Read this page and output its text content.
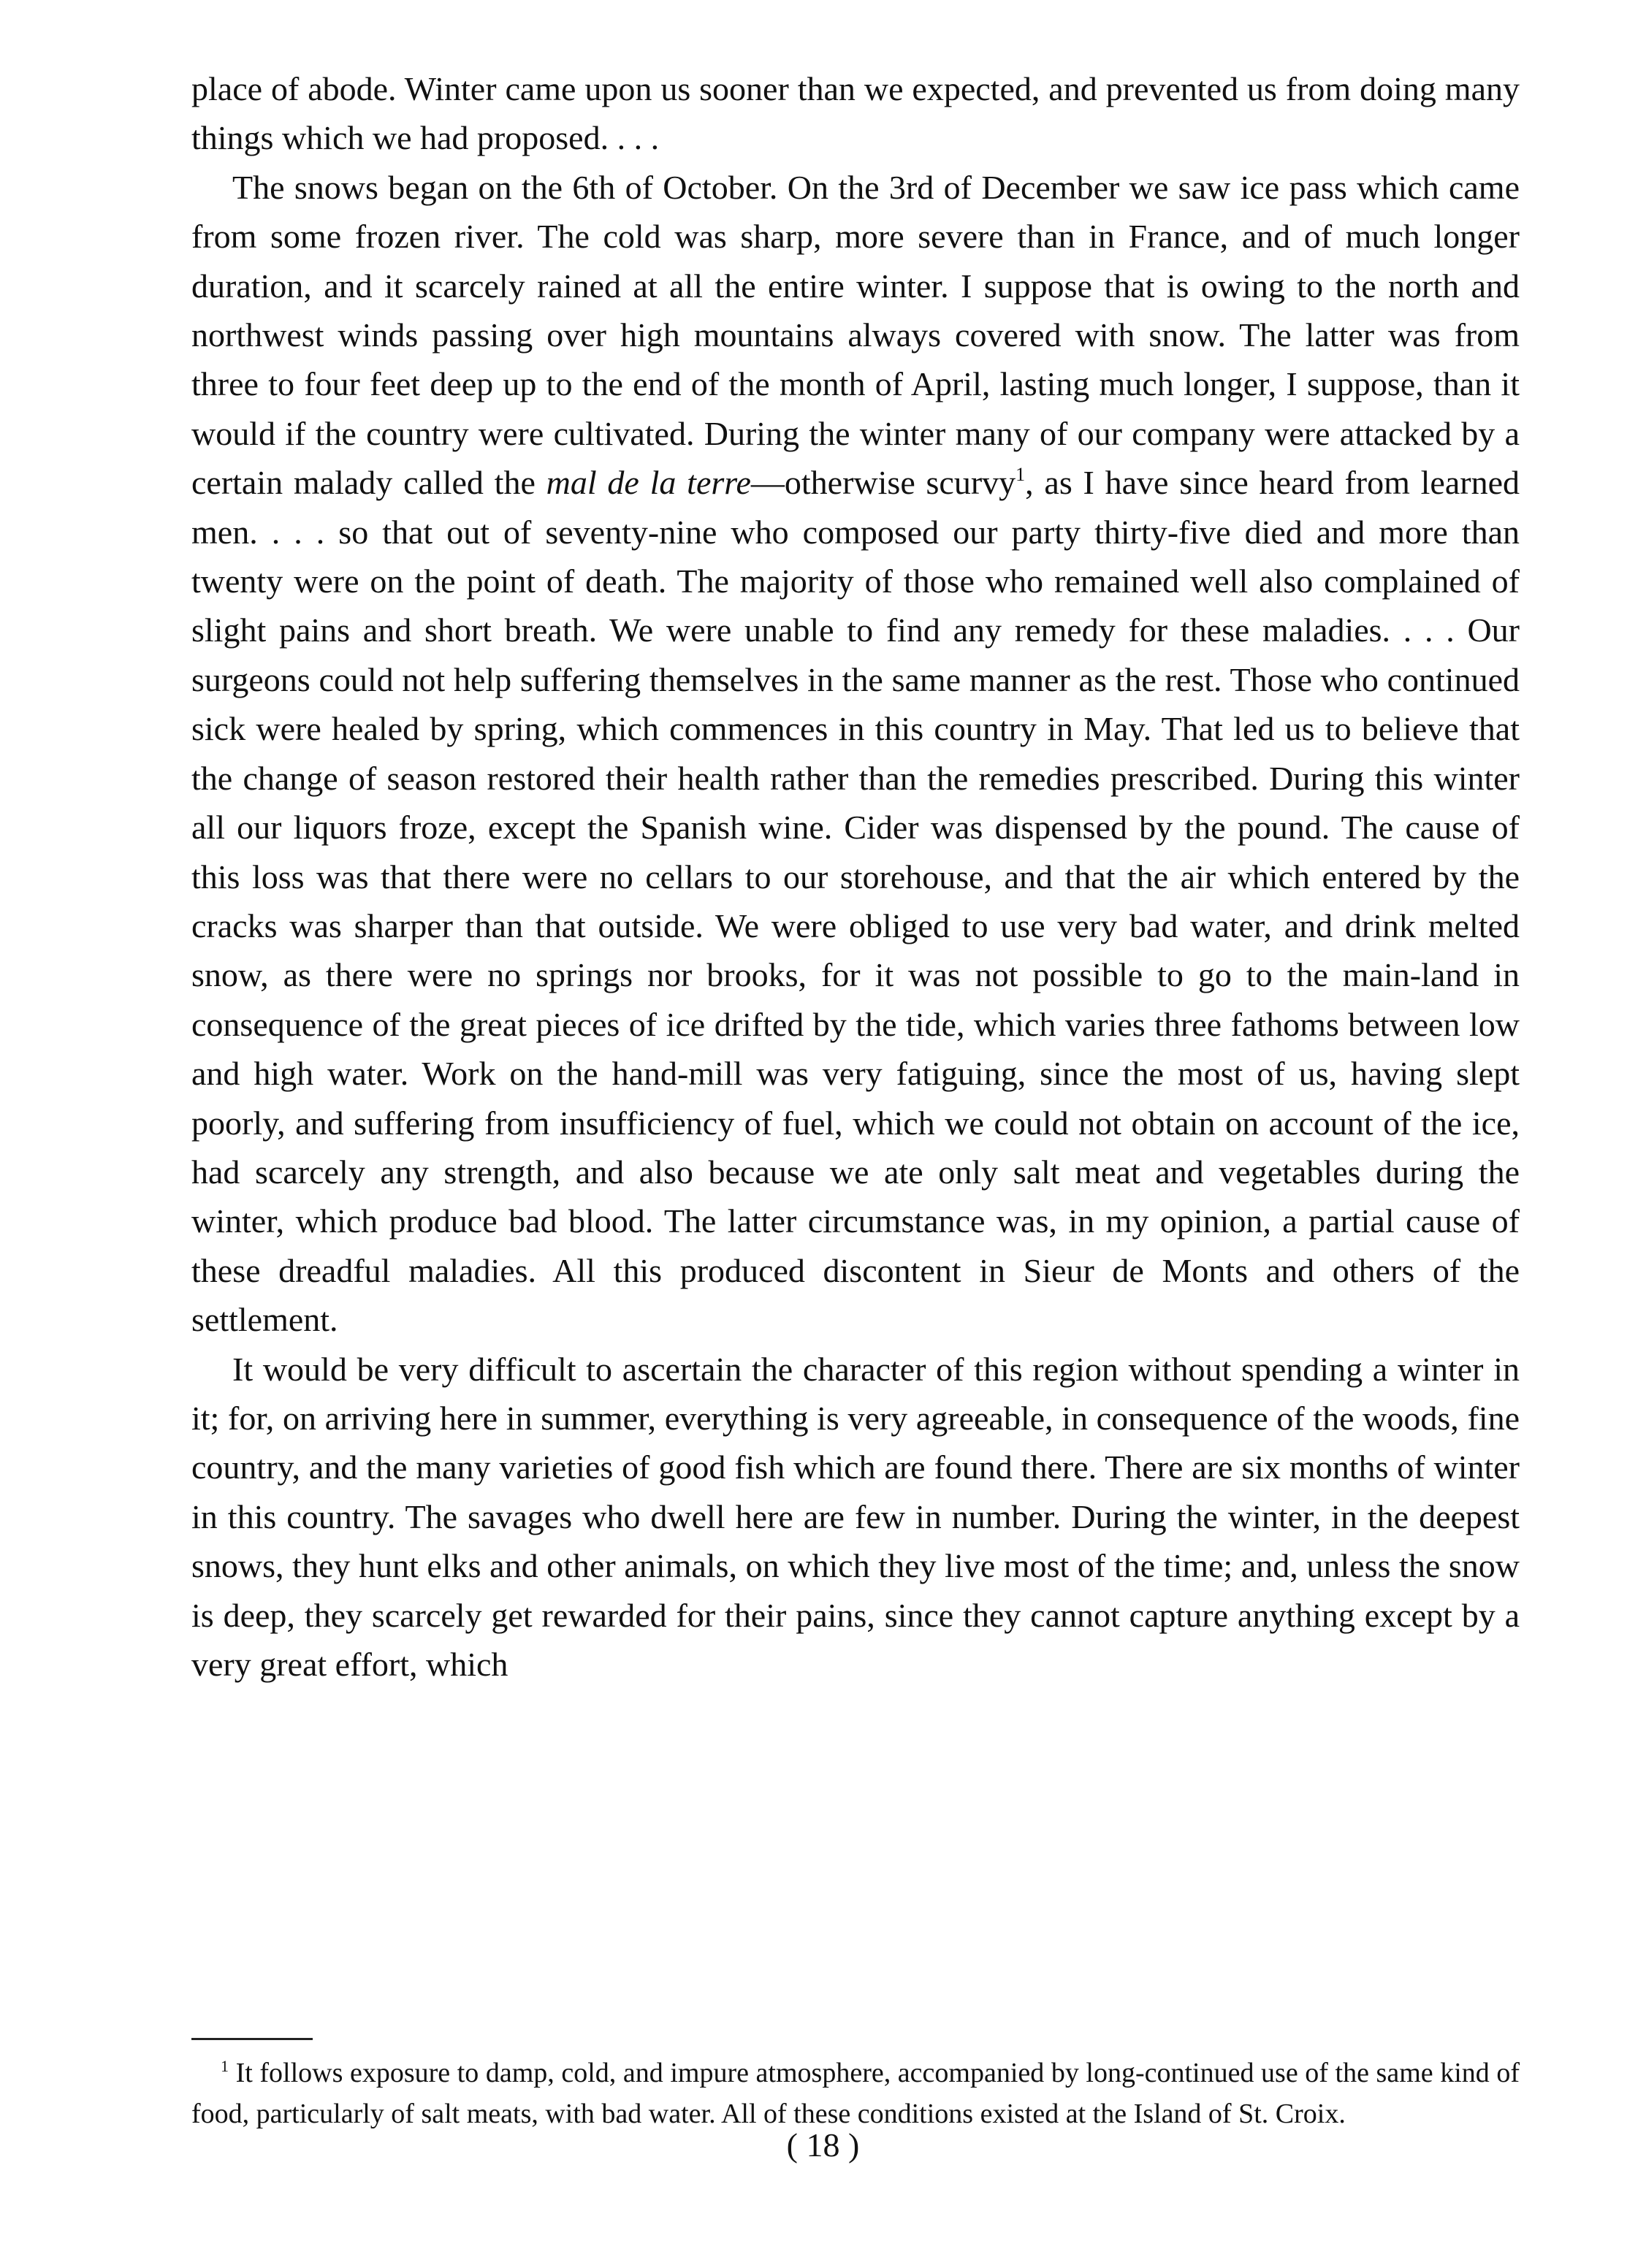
place of abode. Winter came upon us sooner than we expected, and prevented us from doing many things which we had proposed. . . .

The snows began on the 6th of October. On the 3rd of December we saw ice pass which came from some frozen river. The cold was sharp, more severe than in France, and of much longer duration, and it scarcely rained at all the entire winter. I suppose that is owing to the north and northwest winds passing over high mountains always covered with snow. The latter was from three to four feet deep up to the end of the month of April, lasting much longer, I suppose, than it would if the country were cultivated. During the winter many of our company were attacked by a certain malady called the mal de la terre—otherwise scurvy$^1$, as I have since heard from learned men. . . . so that out of seventy-nine who composed our party thirty-five died and more than twenty were on the point of death. The majority of those who remained well also complained of slight pains and short breath. We were unable to find any remedy for these maladies. . . . Our surgeons could not help suffering themselves in the same manner as the rest. Those who continued sick were healed by spring, which commences in this country in May. That led us to believe that the change of season restored their health rather than the remedies prescribed. During this winter all our liquors froze, except the Spanish wine. Cider was dispensed by the pound. The cause of this loss was that there were no cellars to our storehouse, and that the air which entered by the cracks was sharper than that outside. We were obliged to use very bad water, and drink melted snow, as there were no springs nor brooks, for it was not possible to go to the main-land in consequence of the great pieces of ice drifted by the tide, which varies three fathoms between low and high water. Work on the hand-mill was very fatiguing, since the most of us, having slept poorly, and suffering from insufficiency of fuel, which we could not obtain on account of the ice, had scarcely any strength, and also because we ate only salt meat and vegetables during the winter, which produce bad blood. The latter circumstance was, in my opinion, a partial cause of these dreadful maladies. All this produced discontent in Sieur de Monts and others of the settlement.

It would be very difficult to ascertain the character of this region without spending a winter in it; for, on arriving here in summer, everything is very agreeable, in consequence of the woods, fine country, and the many varieties of good fish which are found there. There are six months of winter in this country. The savages who dwell here are few in number. During the winter, in the deepest snows, they hunt elks and other animals, on which they live most of the time; and, unless the snow is deep, they scarcely get rewarded for their pains, since they cannot capture anything except by a very great effort, which

$^1$ It follows exposure to damp, cold, and impure atmosphere, accompanied by long-continued use of the same kind of food, particularly of salt meats, with bad water. All of these conditions existed at the Island of St. Croix.

( 18 )
